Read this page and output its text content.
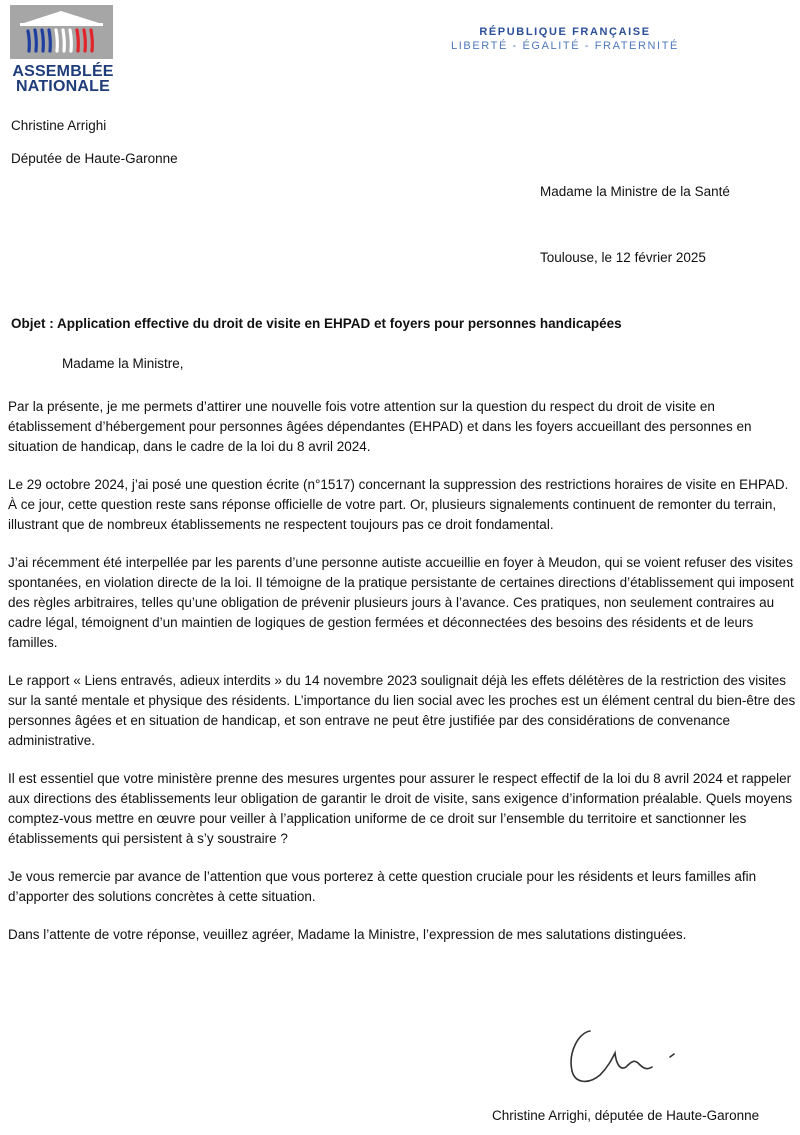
ASSEMBLÉE
NATIONALE
RÉPUBLIQUE FRANÇAISE
LIBERTÉ - ÉGALITÉ - FRATERNITÉ
Christine Arrighi
Députée de Haute-Garonne
Madame la Ministre de la Santé
Toulouse, le 12 février 2025
Objet : Application effective du droit de visite en EHPAD et foyers pour personnes handicapées
Madame la Ministre,

Par la présente, je me permets d’attirer une nouvelle fois votre attention sur la question du respect du droit de visite en établissement d’hébergement pour personnes âgées dépendantes (EHPAD) et dans les foyers accueillant des personnes en situation de handicap, dans le cadre de la loi du 8 avril 2024.

Le 29 octobre 2024, j’ai posé une question écrite (n°1517) concernant la suppression des restrictions horaires de visite en EHPAD. À ce jour, cette question reste sans réponse officielle de votre part. Or, plusieurs signalements continuent de remonter du terrain, illustrant que de nombreux établissements ne respectent toujours pas ce droit fondamental.

J’ai récemment été interpellée par les parents d’une personne autiste accueillie en foyer à Meudon, qui se voient refuser des visites spontanées, en violation directe de la loi. Il témoigne de la pratique persistante de certaines directions d’établissement qui imposent des règles arbitraires, telles qu’une obligation de prévenir plusieurs jours à l’avance. Ces pratiques, non seulement contraires au cadre légal, témoignent d’un maintien de logiques de gestion fermées et déconnectées des besoins des résidents et de leurs familles.

Le rapport « Liens entravés, adieux interdits » du 14 novembre 2023 soulignait déjà les effets délétères de la restriction des visites sur la santé mentale et physique des résidents. L’importance du lien social avec les proches est un élément central du bien-être des personnes âgées et en situation de handicap, et son entrave ne peut être justifiée par des considérations de convenance administrative.

Il est essentiel que votre ministère prenne des mesures urgentes pour assurer le respect effectif de la loi du 8 avril 2024 et rappeler aux directions des établissements leur obligation de garantir le droit de visite, sans exigence d’information préalable. Quels moyens comptez-vous mettre en œuvre pour veiller à l’application uniforme de ce droit sur l’ensemble du territoire et sanctionner les établissements qui persistent à s’y soustraire ?

Je vous remercie par avance de l’attention que vous porterez à cette question cruciale pour les résidents et leurs familles afin d’apporter des solutions concrètes à cette situation.

Dans l’attente de votre réponse, veuillez agréer, Madame la Ministre, l’expression de mes salutations distinguées.

Christine Arrighi, députée de Haute-Garonne
